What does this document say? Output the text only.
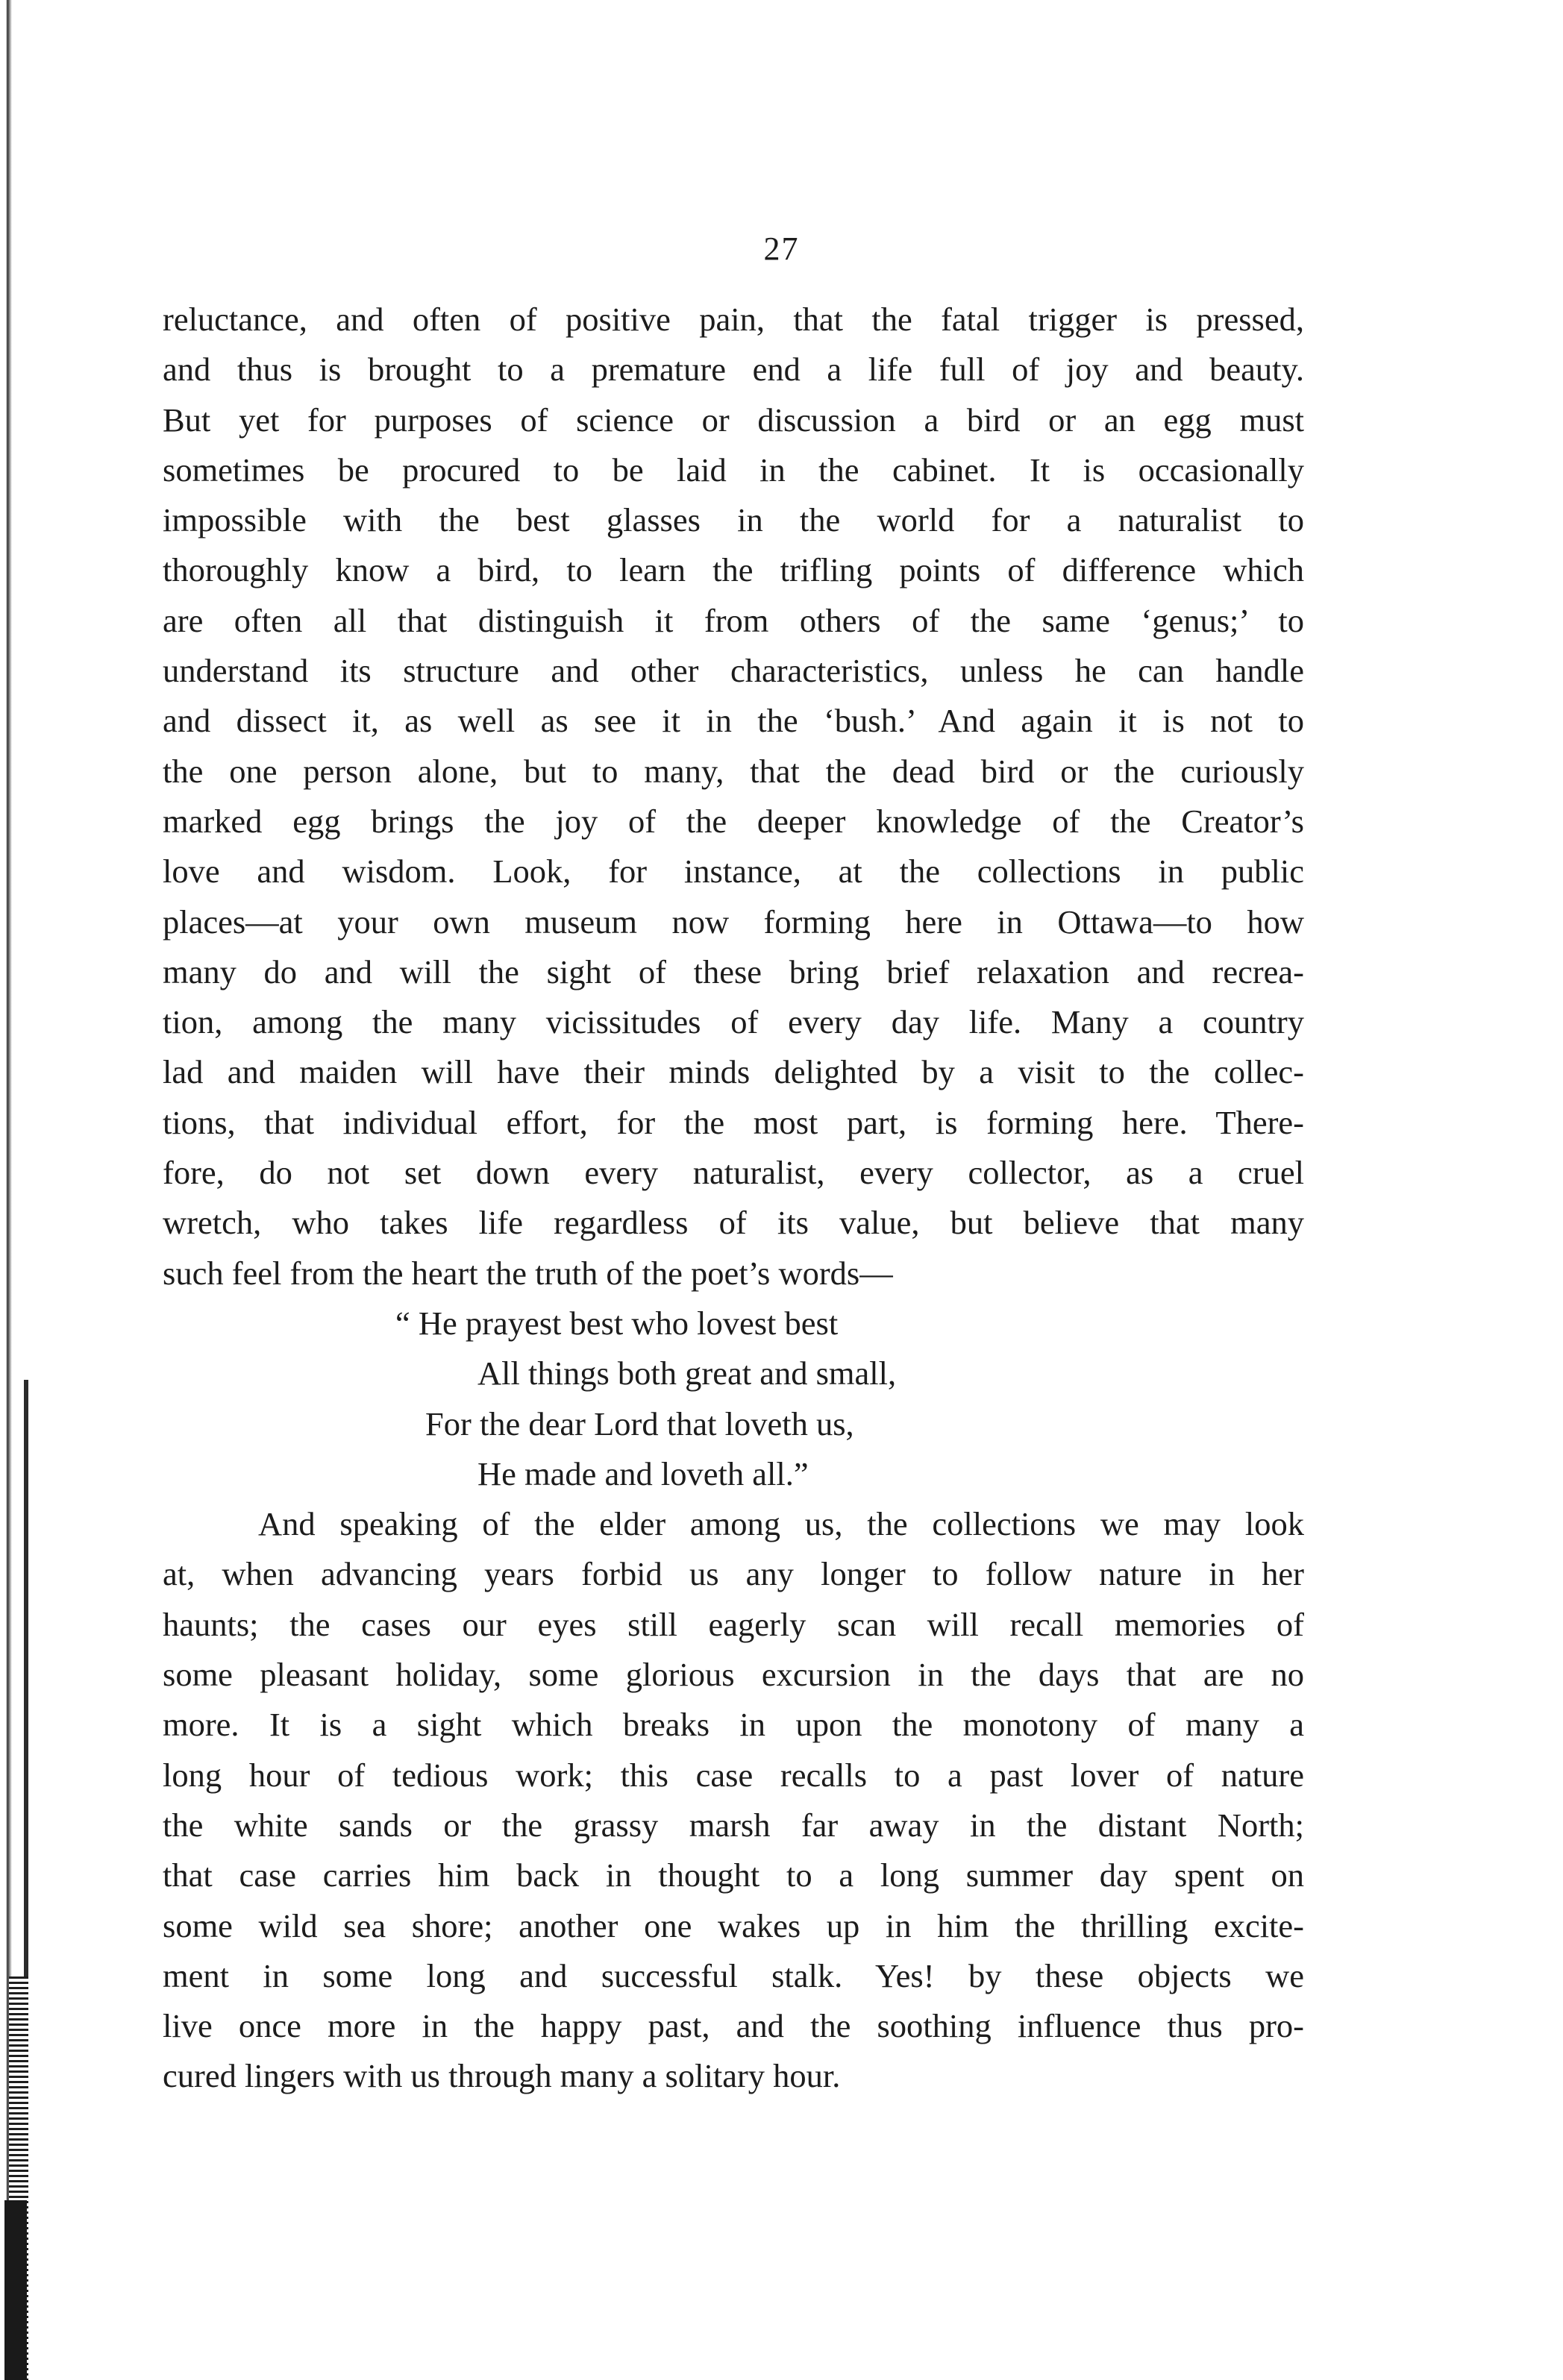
27
reluctance, and often of positive pain, that the fatal trigger is pressed,
and thus is brought to a premature end a life full of joy and beauty.
But yet for purposes of science or discussion a bird or an egg must
sometimes be procured to be laid in the cabinet. It is occasionally
impossible with the best glasses in the world for a naturalist to
thoroughly know a bird, to learn the trifling points of difference which
are often all that distinguish it from others of the same ‘genus;’ to
understand its structure and other characteristics, unless he can handle
and dissect it, as well as see it in the ‘bush.’ And again it is not to
the one person alone, but to many, that the dead bird or the curiously
marked egg brings the joy of the deeper knowledge of the Creator’s
love and wisdom. Look, for instance, at the collections in public
places—at your own museum now forming here in Ottawa—to how
many do and will the sight of these bring brief relaxation and recrea-
tion, among the many vicissitudes of every day life. Many a country
lad and maiden will have their minds delighted by a visit to the collec-
tions, that individual effort, for the most part, is forming here. There-
fore, do not set down every naturalist, every collector, as a cruel
wretch, who takes life regardless of its value, but believe that many
such feel from the heart the truth of the poet’s words—
“ He prayest best who lovest best
All things both great and small,
For the dear Lord that loveth us,
He made and loveth all.”
And speaking of the elder among us, the collections we may look
at, when advancing years forbid us any longer to follow nature in her
haunts; the cases our eyes still eagerly scan will recall memories of
some pleasant holiday, some glorious excursion in the days that are no
more. It is a sight which breaks in upon the monotony of many a
long hour of tedious work; this case recalls to a past lover of nature
the white sands or the grassy marsh far away in the distant North;
that case carries him back in thought to a long summer day spent on
some wild sea shore; another one wakes up in him the thrilling excite-
ment in some long and successful stalk. Yes! by these objects we
live once more in the happy past, and the soothing influence thus pro-
cured lingers with us through many a solitary hour.
